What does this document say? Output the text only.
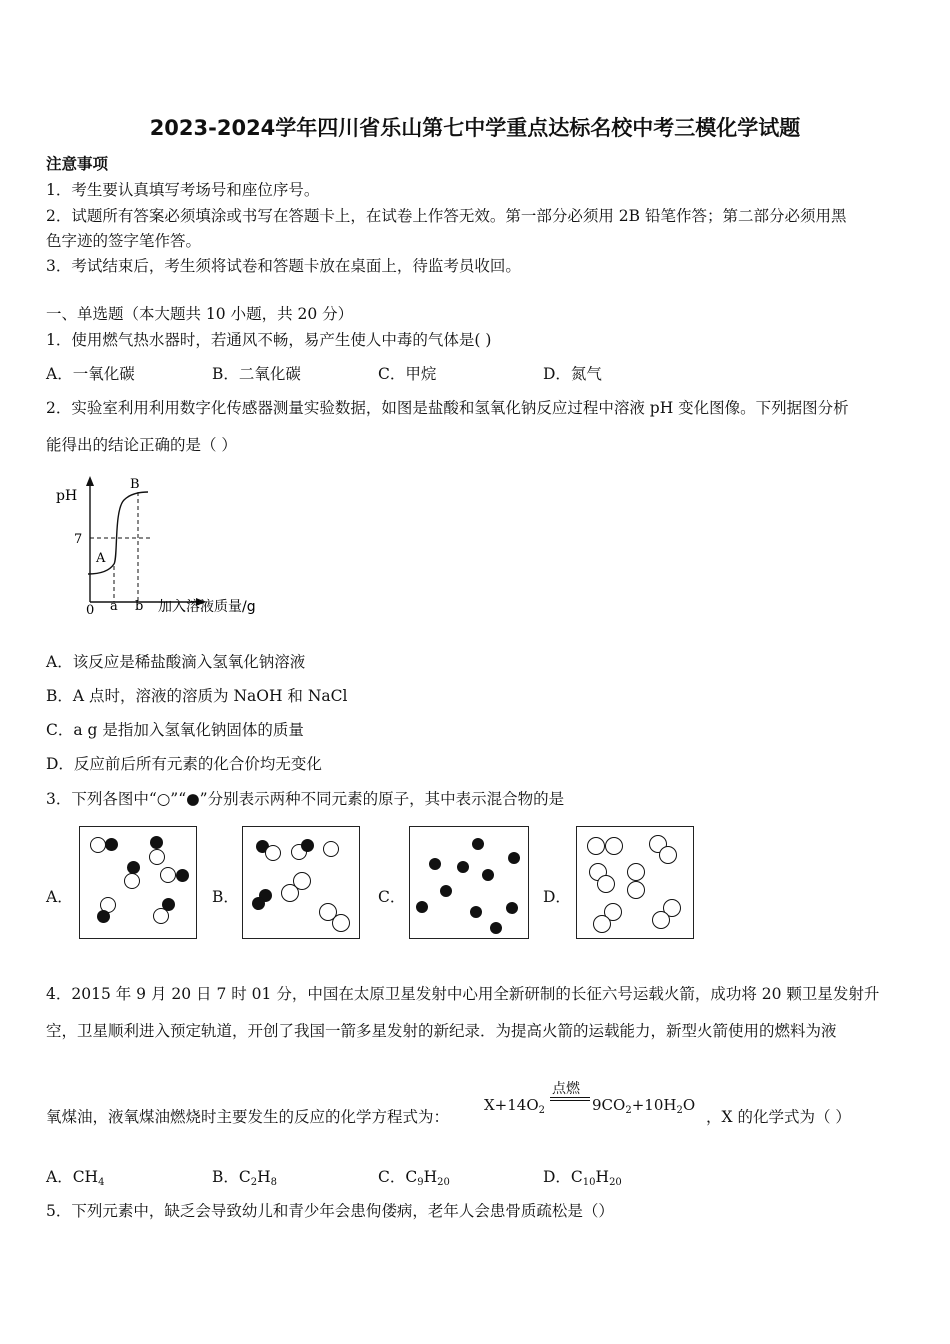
2023-2024学年四川省乐山第七中学重点达标名校中考三模化学试题
注意事项
1．考生要认真填写考场号和座位序号。
2．试题所有答案必须填涂或书写在答题卡上，在试卷上作答无效。第一部分必须用 2B 铅笔作答；第二部分必须用黑
色字迹的签字笔作答。
3．考试结束后，考生须将试卷和答题卡放在桌面上，待监考员收回。
一、单选题（本大题共 10 小题，共 20 分）
1．使用燃气热水器时，若通风不畅，易产生使人中毒的气体是( )
A．一氧化碳	B．二氧化碳	C．甲烷	D．氮气
2．实验室利用利用数字化传感器测量实验数据，如图是盐酸和氢氧化钠反应过程中溶液 pH 变化图像。下列据图分析
能得出的结论正确的是（ ）
pH
7
A
B
0 a b 加入溶液质量/g
A．该反应是稀盐酸滴入氢氧化钠溶液
B．A 点时，溶液的溶质为 NaOH 和 NaCl
C．a g 是指加入氢氧化钠固体的质量
D．反应前后所有元素的化合价均无变化
3．下列各图中“○”“●”分别表示两种不同元素的原子，其中表示混合物的是
A．	B．	C．	D．
4．2015 年 9 月 20 日 7 时 01 分，中国在太原卫星发射中心用全新研制的长征六号运载火箭，成功将 20 颗卫星发射升
空，卫星顺利进入预定轨道，开创了我国一箭多星发射的新纪录．为提高火箭的运载能力，新型火箭使用的燃料为液
氧煤油，液氧煤油燃烧时主要发生的反应的化学方程式为：
$X+14O_2$
点燃
$9CO_2+10H_2O$
，X 的化学式为（ ）
A．$CH_4$	B．$C_2H_8$	C．$C_9H_{20}$	D．$C_{10}H_{20}$
5．下列元素中，缺乏会导致幼儿和青少年会患佝偻病，老年人会患骨质疏松是（）
